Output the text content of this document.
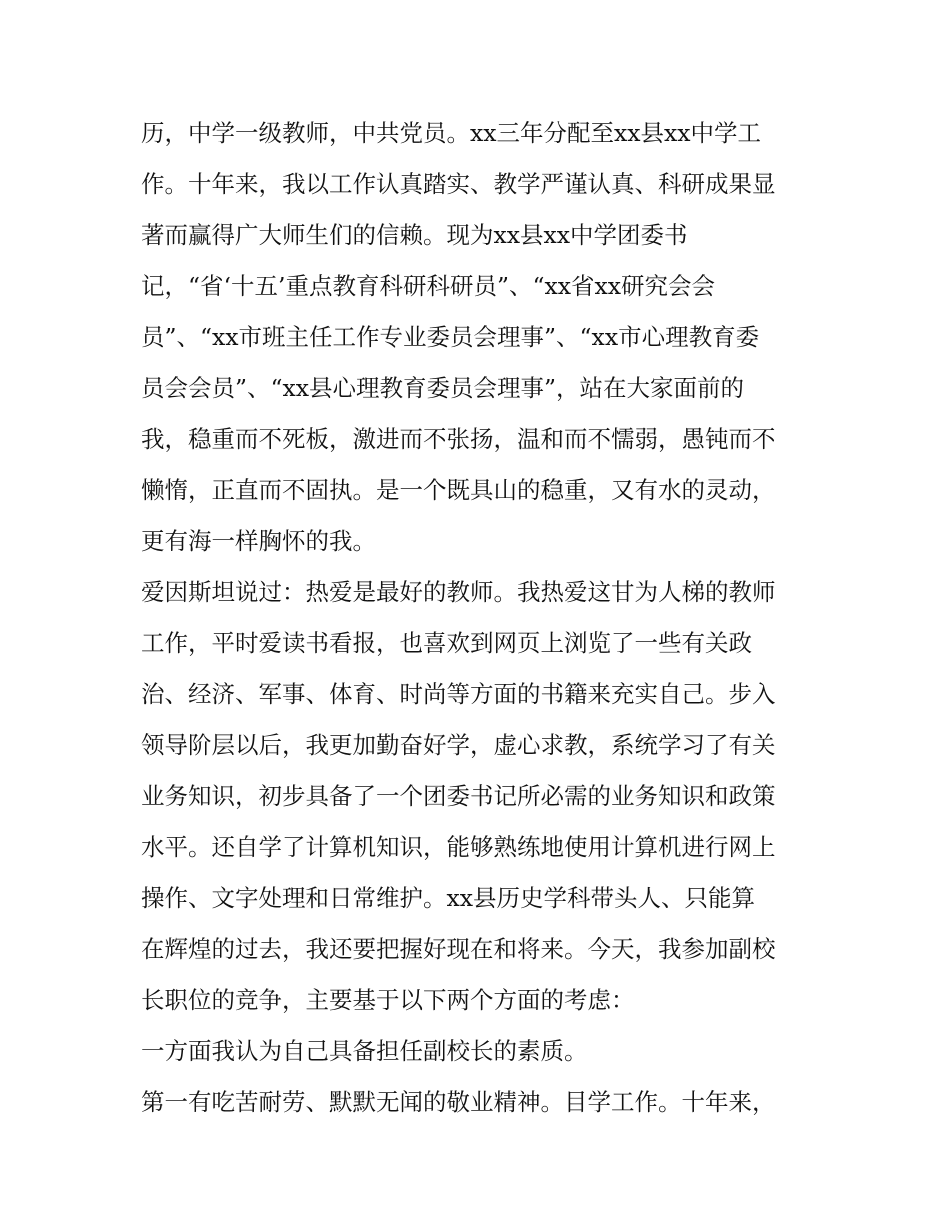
历，中学一级教师，中共党员。xx三年分配至xx县xx中学工
作。十年来，我以工作认真踏实、教学严谨认真、科研成果显
著而赢得广大师生们的信赖。现为xx县xx中学团委书
记，“省‘十五’重点教育科研科研员”、“xx省xx研究会会
员”、“xx市班主任工作专业委员会理事”、“xx市心理教育委
员会会员”、“xx县心理教育委员会理事”，站在大家面前的
我，稳重而不死板，激进而不张扬，温和而不懦弱，愚钝而不
懒惰，正直而不固执。是一个既具山的稳重，又有水的灵动，
更有海一样胸怀的我。
爱因斯坦说过：热爱是最好的教师。我热爱这甘为人梯的教师
工作，平时爱读书看报，也喜欢到网页上浏览了一些有关政
治、经济、军事、体育、时尚等方面的书籍来充实自己。步入
领导阶层以后，我更加勤奋好学，虚心求教，系统学习了有关
业务知识，初步具备了一个团委书记所必需的业务知识和政策
水平。还自学了计算机知识，能够熟练地使用计算机进行网上
操作、文字处理和日常维护。xx县历史学科带头人、只能算
在辉煌的过去，我还要把握好现在和将来。今天，我参加副校
长职位的竞争，主要基于以下两个方面的考虑：
一方面我认为自己具备担任副校长的素质。
第一有吃苦耐劳、默默无闻的敬业精神。目学工作。十年来，
